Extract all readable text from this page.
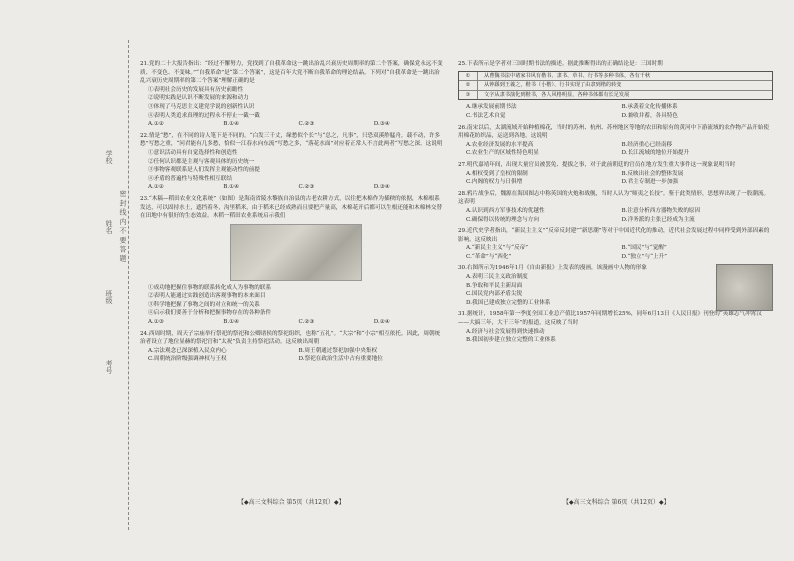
学校
姓名
班级
考号
密 封 线 内 不 要 答 题
21.党的二十大报告指出：“经过不懈努力，党找到了自我革命这一跳出治乱兴衰历史周期率的第二个答案，确保党永远不变质、不变色、不变味。”“自我革命”是“第二个答案”，这是百年大党不断自我革命的理论结晶。下列对“自我革命是一跳出治乱兴衰历史周期率的第二个答案”理解正确的是
①表明社会历史的发展具有历史前瞻性
②说明实践是认识不断发展的来源和动力
③体现了马克思主义建党学说的创新性认识
④表明人类追求真理的过程永不停止一截一截
A.①②	B.①④	C.②③	D.③④
22.情是“愁”，在不同的诗人笔下是不同的。“白发三千丈，缘愁似个长”与“总之，凡事”，只恐双溪舴艋舟，载不动，许多愁”写愁之重，“问君能有几多愁，恰似一江春水向东流”写愁之多，“落花水面”对应着正常人不言此两者“写愁之深。这说明
①意识活动具有自觉选择性和创造性
②任何认识都是主观与客观具体的历史统一
③事物客观联系是人们发挥主观能动性的前提
④矛盾的普遍性与特殊性相互联结
A.①②	B.①④	C.②③	D.③④
23.“木稿—稻田农业文化系统”（如图）是海南省陵水黎族自治县的古老农耕方式。以往把木棉作为插秧的依据，木棉根系发达，可以固持水土，遮挡着冬，沟里稻米，由于稻米已经成熟而且要把产量高，木棉花开后都可以生根还能和木棉林交替在田地中有很好的生态效益。木稻一稻田农业系统启示我们
①成功地把握住事物的联系转化成人为事物的联系
②表明人能通过实践创造出客观事物的本来面目
③科学地把握了事物之间的对立和统一的关系
④启示我们要善于分析和把握事物存在的各种条件
A.①③	B.①④	C.②③	D.②④
24.西周时期，周天子宗庙举行祭祀的祭祀和公卿诸侯的祭祀组织，也称“五礼”。“大宗”和“小宗”相互依托。因此，周朝统治者设立了地位显赫的祭祀官和“太祝”负责主持祭祀活动。这反映出周朝
A.宗法观念已深深植入民众内心	B.周王朝通过祭祀加强中央集权
C.周朝统治阶级强调神权与王权	D.祭祀在政治生活中占有重要地位
25.下表所示是学者对三国时期书法的描述。据此推断得出的正确结论是：三国时期
①	从曹魏书法中诸家书风有楷书、隶书、草书、行书等多种书体，各有千秋
②	从钟繇到王羲之，楷书（小楷）、行书实现了由隶到楷的转变
③	文字从隶书演化到楷书，各人风格明显，各种书体都有长足发展
A.继承发展前期书法	B.承袭着文化传播体系
C.书法艺术自觉	D.兼收并蓄，各具特色
26.南宋以后，太湖流域开始种植棉花，当时的苏州、杭州、苏州地区等地的农田和原有的黄河中下游流域的农作物产品开始使用棉花纺织品，运送到各地。这说明
A.农业经济发展的水平提高	B.经济重心已经南移
C.农业生产的区域性特色明显	D.长江流域的地位开始提升
27.明代嘉靖年间，出现大量官员被罢免、提拔之事，对于此前朝廷的官员在地方发生重大事件这一现象说明当时
A.相权受到了皇权的限制	B.反映出社会的整体发展
C.内阁的权力与日俱增	D.君主专制进一步加强
28.鸦片战争后，魏源在海国图志中称英国的火炮和战舰，当时人认为“师夷之长技”。鉴于此类情形，思想界出现了一股潮流。这表明
A.认识到西方军事技术的优越性	B.注意分析西方器物失败的原因
C.确保得以传统的理念与方向	D.洋务派的主张已经成为主流
29.近代史学者指出，“新民主主义”“反帝反封建”“新思潮”等对于中国近代化的推动，近代社会发展过程中同样受到外部因素的影响。这反映出
A.“新民主主义”与“反帝”	B.“国民”与“觉醒”
C.“革命”与“西化”	D.“独立”与“上升”
30.右图所示为1946年1月《自由新报》上发表的漫画，该漫画中人物的形象
A.表明三民主义政治制度
B.争取和平民主新局面
C.国民党内部矛盾尖锐
D.我国已建成独立完整的工业体系
31.据统计，1958年第一季度全国工业总产值比1957年同期增长25%，同年6月13日《人民日报》刊登的“英雄志气冲霄汉——大搞三年，大干三年”的报道，这反映了当时
A.经济与社会发展得到快速推动
B.我国初步建立独立完整的工业体系
【◆高三文科综合 第5页（共12页）◆】	【◆高三文科综合 第6页（共12页）◆】
